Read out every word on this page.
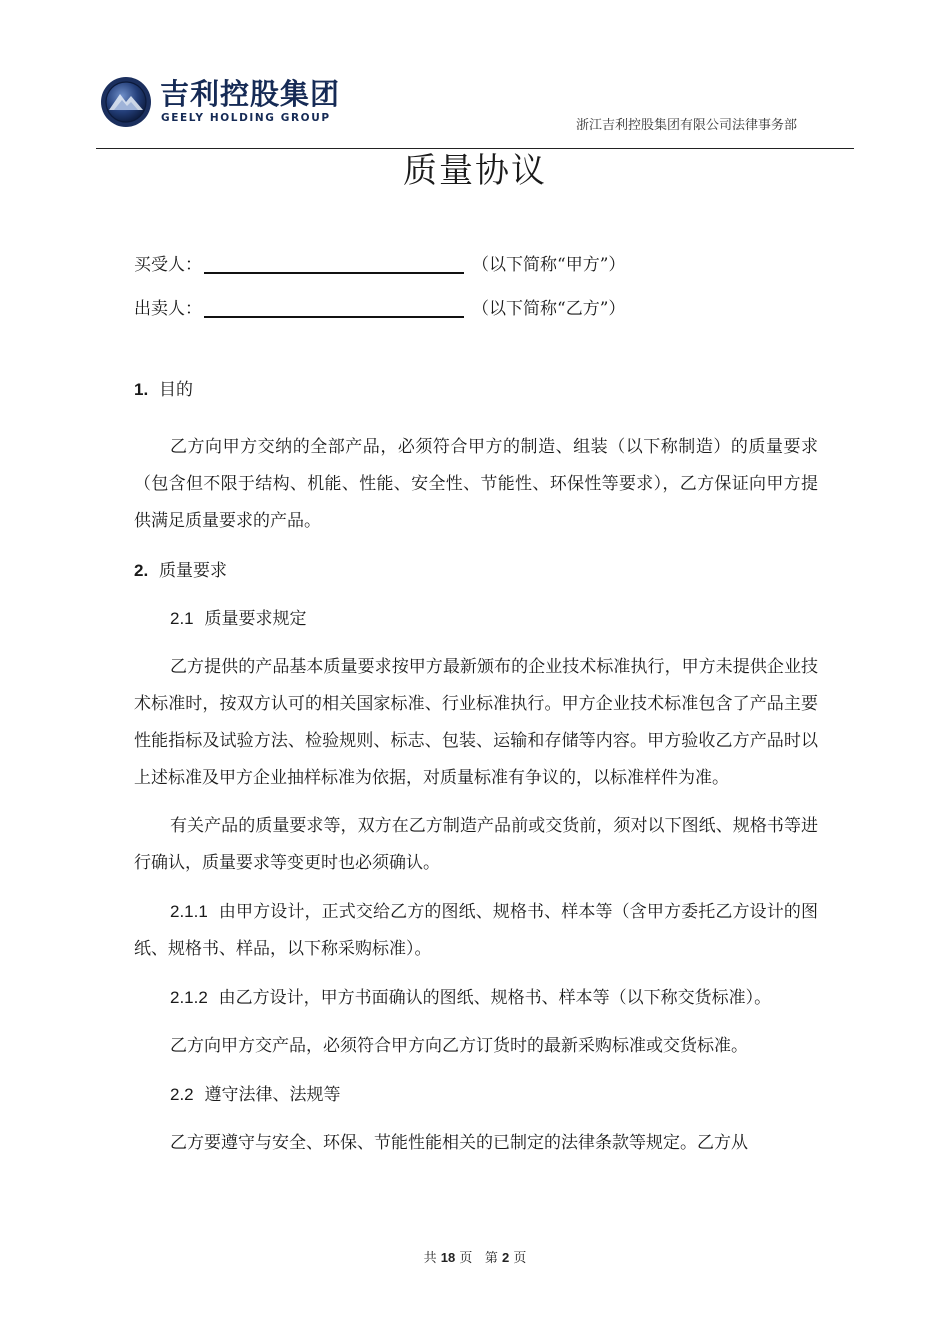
吉利控股集团
GEELY HOLDING GROUP	浙江吉利控股集团有限公司法律事务部
质量协议
买受人：	（以下简称“甲方”）
出卖人：	（以下简称“乙方”）

1. 目的

乙方向甲方交纳的全部产品，必须符合甲方的制造、组装（以下称制造）的质量要求（包含但不限于结构、机能、性能、安全性、节能性、环保性等要求），乙方保证向甲方提供满足质量要求的产品。

2. 质量要求

2.1 质量要求规定

乙方提供的产品基本质量要求按甲方最新颁布的企业技术标准执行，甲方未提供企业技术标准时，按双方认可的相关国家标准、行业标准执行。甲方企业技术标准包含了产品主要性能指标及试验方法、检验规则、标志、包装、运输和存储等内容。甲方验收乙方产品时以上述标准及甲方企业抽样标准为依据，对质量标准有争议的，以标准样件为准。

有关产品的质量要求等，双方在乙方制造产品前或交货前，须对以下图纸、规格书等进行确认，质量要求等变更时也必须确认。

2.1.1 由甲方设计，正式交给乙方的图纸、规格书、样本等（含甲方委托乙方设计的图纸、规格书、样品，以下称采购标准）。

2.1.2 由乙方设计，甲方书面确认的图纸、规格书、样本等（以下称交货标准）。

乙方向甲方交产品，必须符合甲方向乙方订货时的最新采购标准或交货标准。

2.2 遵守法律、法规等

乙方要遵守与安全、环保、节能性能相关的已制定的法律条款等规定。乙方从

共 18 页 第 2 页
